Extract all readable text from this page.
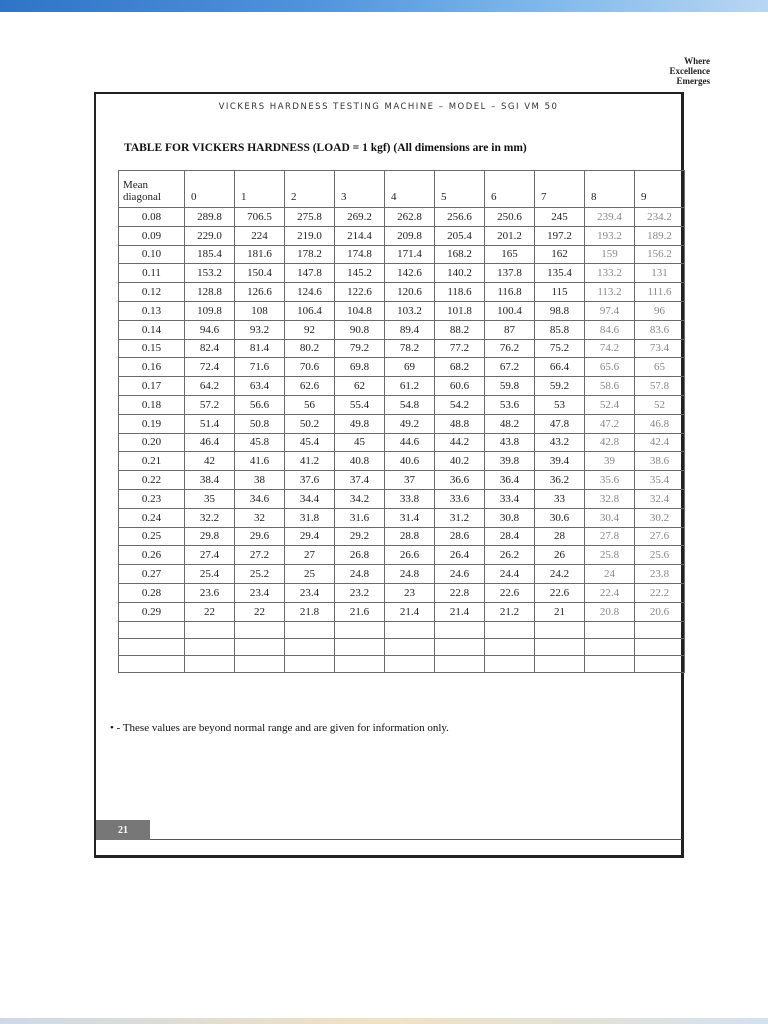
Where
Excellence
Emerges

VICKERS HARDNESS TESTING MACHINE – MODEL – SGI VM 50

TABLE FOR VICKERS HARDNESS (LOAD = 1 kgf) (All dimensions are in mm)

Mean
diagonal	0	1	2	3	4	5	6	7	8	9
0.08	289.8	706.5	275.8	269.2	262.8	256.6	250.6	245	239.4	234.2
0.09	229.0	224	219.0	214.4	209.8	205.4	201.2	197.2	193.2	189.2
0.10	185.4	181.6	178.2	174.8	171.4	168.2	165	162	159	156.2
0.11	153.2	150.4	147.8	145.2	142.6	140.2	137.8	135.4	133.2	131
0.12	128.8	126.6	124.6	122.6	120.6	118.6	116.8	115	113.2	111.6
0.13	109.8	108	106.4	104.8	103.2	101.8	100.4	98.8	97.4	96
0.14	94.6	93.2	92	90.8	89.4	88.2	87	85.8	84.6	83.6
0.15	82.4	81.4	80.2	79.2	78.2	77.2	76.2	75.2	74.2	73.4
0.16	72.4	71.6	70.6	69.8	69	68.2	67.2	66.4	65.6	65
0.17	64.2	63.4	62.6	62	61.2	60.6	59.8	59.2	58.6	57.8
0.18	57.2	56.6	56	55.4	54.8	54.2	53.6	53	52.4	52
0.19	51.4	50.8	50.2	49.8	49.2	48.8	48.2	47.8	47.2	46.8
0.20	46.4	45.8	45.4	45	44.6	44.2	43.8	43.2	42.8	42.4
0.21	42	41.6	41.2	40.8	40.6	40.2	39.8	39.4	39	38.6
0.22	38.4	38	37.6	37.4	37	36.6	36.4	36.2	35.6	35.4
0.23	35	34.6	34.4	34.2	33.8	33.6	33.4	33	32.8	32.4
0.24	32.2	32	31.8	31.6	31.4	31.2	30.8	30.6	30.4	30.2
0.25	29.8	29.6	29.4	29.2	28.8	28.6	28.4	28	27.8	27.6
0.26	27.4	27.2	27	26.8	26.6	26.4	26.2	26	25.8	25.6
0.27	25.4	25.2	25	24.8	24.8	24.6	24.4	24.2	24	23.8
0.28	23.6	23.4	23.4	23.2	23	22.8	22.6	22.6	22.4	22.2
0.29	22	22	21.8	21.6	21.4	21.4	21.2	21	20.8	20.6

• - These values are beyond normal range and are given for information only.

21
